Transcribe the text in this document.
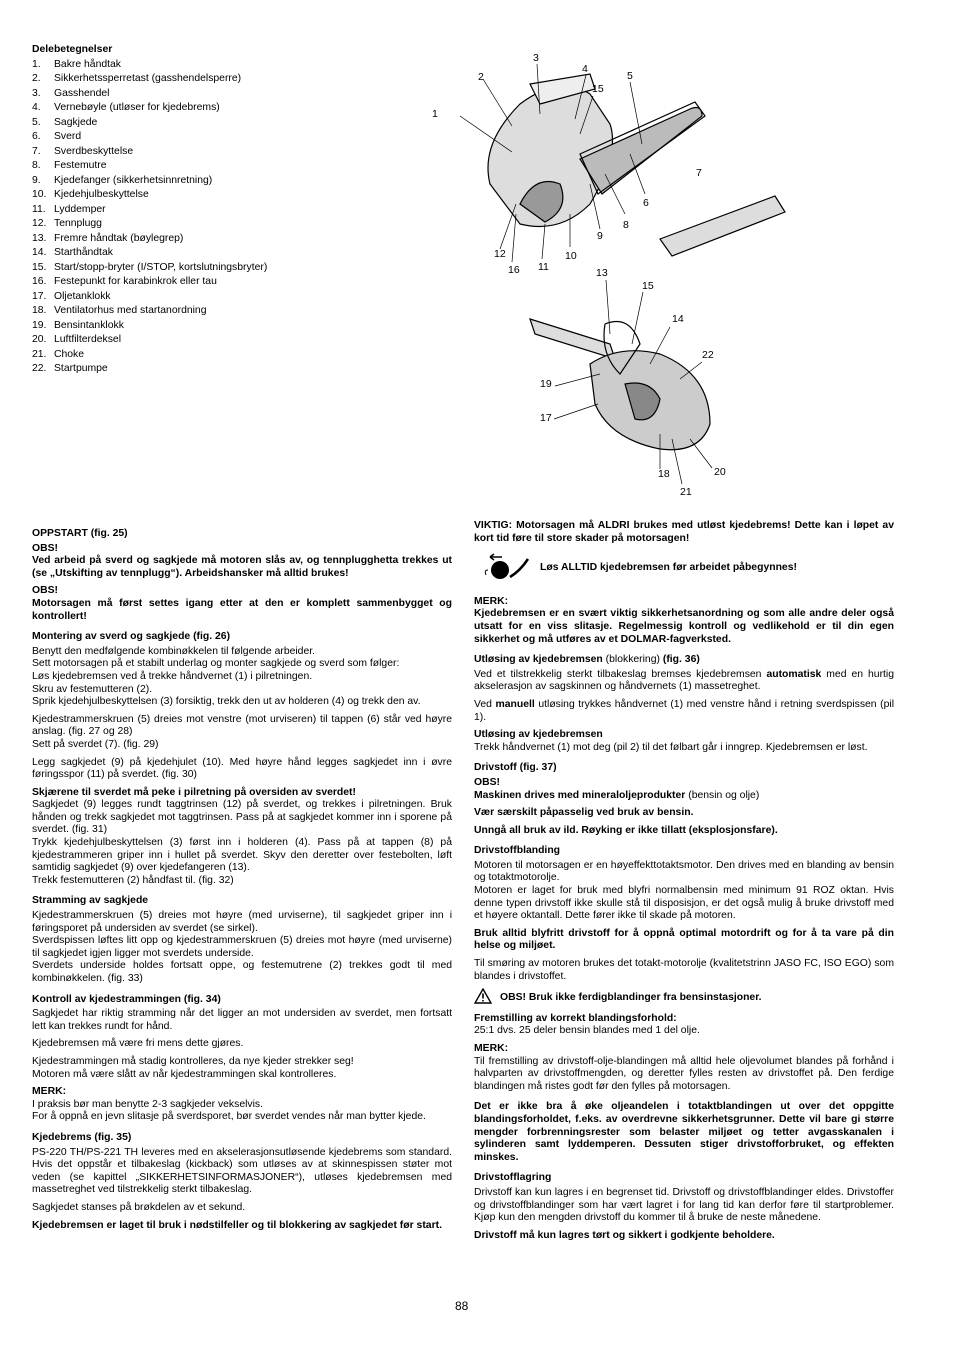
Delebetegnelser
1.	Bakre håndtak
2.	Sikkerhetssperretast (gasshendelsperre)
3.	Gasshendel
4.	Vernebøyle (utløser for kjedebrems)
5.	Sagkjede
6.	Sverd
7.	Sverdbeskyttelse
8.	Festemutre
9.	Kjedefanger (sikkerhetsinnretning)
10. Kjedehjulbeskyttelse
11. Lyddemper
12. Tennplugg
13. Fremre håndtak (bøylegrep)
14. Starthåndtak
15. Start/stopp-bryter (I/STOP, kortslutningsbryter)
16. Festepunkt for karabinkrok eller tau
17. Oljetanklokk
18. Ventilatorhus med startanordning
19. Bensintanklokk
20. Luftfilterdeksel
21. Choke
22. Startpumpe
1
2
3
4
15
5
6
7
8
9
10
11
12
16	13
15
14
22
19
17
18
21
20
OPPSTART (fig. 25)
OBS!

Ved arbeid på sverd og sagkjede må motoren slås av, og tennplugghetta trekkes ut (se „Utskifting av tennplugg“). Arbeidshansker må alltid brukes!

OBS!

Motorsagen må først settes igang etter at den er komplett sammenbygget og kontrollert!

Montering av sverd og sagkjede (fig. 26)

Benytt den medfølgende kombinøkkelen til følgende arbeider.
Sett motorsagen på et stabilt underlag og monter sagkjede og sverd som følger:
Løs kjedebremsen ved å trekke håndvernet (1) i pilretningen.
Skru av festemutteren (2).
Sprik kjedehjulbeskyttelsen (3) forsiktig, trekk den ut av holderen (4) og trekk den av.

Kjedestrammerskruen (5) dreies mot venstre (mot urviseren) til tappen (6) står ved høyre anslag. (fig. 27 og 28)
Sett på sverdet (7). (fig. 29)

Legg sagkjedet (9) på kjedehjulet (10). Med høyre hånd legges sagkjedet inn i øvre føringsspor (11) på sverdet. (fig. 30)

Skjærene til sverdet må peke i pilretning på oversiden av sverdet!

Sagkjedet (9) legges rundt taggtrinsen (12) på sverdet, og trekkes i pilretningen. Bruk hånden og trekk sagkjedet mot taggtrinsen. Pass på at sagkjedet kommer inn i sporene på sverdet. (fig. 31)
Trykk kjedehjulbeskyttelsen (3) først inn i holderen (4). Pass på at tappen (8) på kjedestrammeren griper inn i hullet på sverdet. Skyv den deretter over festebolten, løft samtidig sagkjedet (9) over kjedefangeren (13).
Trekk festemutteren (2) håndfast til. (fig. 32)

Stramming av sagkjede

Kjedestrammerskruen (5) dreies mot høyre (med urviserne), til sagkjedet griper inn i føringsporet på undersiden av sverdet (se sirkel).
Sverdspissen løftes litt opp og kjedestrammerskruen (5) dreies mot høyre (med urviserne) til sagkjedet igjen ligger mot sverdets underside.
Sverdets underside holdes fortsatt oppe, og festemutrene (2) trekkes godt til med kombinøkkelen. (fig. 33)

Kontroll av kjedestrammingen (fig. 34)

Sagkjedet har riktig stramming når det ligger an mot undersiden av sverdet, men fortsatt lett kan trekkes rundt for hånd.

Kjedebremsen må være fri mens dette gjøres.

Kjedestrammingen må stadig kontrolleres, da nye kjeder strekker seg!
Motoren må være slått av når kjedestrammingen skal kontrolleres.

MERK:

I praksis bør man benytte 2-3 sagkjeder vekselvis.
For å oppnå en jevn slitasje på sverdsporet, bør sverdet vendes når man bytter kjede.

Kjedebrems (fig. 35)

PS-220 TH/PS-221 TH leveres med en akselerasjonsutløsende kjedebrems som standard. Hvis det oppstår et tilbakeslag (kickback) som utløses av at skinnespissen støter mot veden (se kapittel „SIKKERHETSINFORMASJONER“), utløses kjedebremsen med massetreghet ved tilstrekkelig sterkt tilbakeslag.

Sagkjedet stanses på brøkdelen av et sekund.

Kjedebremsen er laget til bruk i nødstilfeller og til blokkering av sagkjedet før start.

VIKTIG: Motorsagen må ALDRI brukes med utløst kjedebrems! Dette kan i løpet av kort tid føre til store skader på motorsagen!

Løs ALLTID kjedebremsen før arbeidet påbegynnes!
MERK:

Kjedebremsen er en svært viktig sikkerhetsanordning og som alle andre deler også utsatt for en viss slitasje. Regelmessig kontroll og vedlikehold er til din egen sikkerhet og må utføres av et DOLMAR-fagverksted.

Utløsing av kjedebremsen (blokkering) (fig. 36)

Ved et tilstrekkelig sterkt tilbakeslag bremses kjedebremsen automatisk med en hurtig akselerasjon av sagskinnen og håndvernets (1) massetreghet.

Ved manuell utløsing trykkes håndvernet (1) med venstre hånd i retning sverdspissen (pil 1).

Utløsing av kjedebremsen

Trekk håndvernet (1) mot deg (pil 2) til det følbart går i inngrep. Kjedebremsen er løst.

Drivstoff (fig. 37)
OBS!

Maskinen drives med mineraloljeprodukter (bensin og olje)

Vær særskilt påpasselig ved bruk av bensin.

Unngå all bruk av ild. Røyking er ikke tillatt (eksplosjonsfare).

Drivstoffblanding

Motoren til motorsagen er en høyeffekttotaktsmotor. Den drives med en blanding av bensin og totaktmotorolje.
Motoren er laget for bruk med blyfri normalbensin med minimum 91 ROZ oktan. Hvis denne typen drivstoff ikke skulle stå til disposisjon, er det også mulig å bruke drivstoff med et høyere oktantall. Dette fører ikke til skade på motoren.

Bruk alltid blyfritt drivstoff for å oppnå optimal motordrift og for å ta vare på din helse og miljøet.

Til smøring av motoren brukes det totakt-motorolje (kvalitetstrinn JASO FC, ISO EGO) som blandes i drivstoffet.

OBS! Bruk ikke ferdigblandinger fra bensinstasjoner.
Fremstilling av korrekt blandingsforhold:

25:1 dvs. 25 deler bensin blandes med 1 del olje.

MERK:

Til fremstilling av drivstoff-olje-blandingen må alltid hele oljevolumet blandes på forhånd i halvparten av drivstoffmengden, og deretter fylles resten av drivstoffet på. Den ferdige blandingen må ristes godt før den fylles på motorsagen.

Det er ikke bra å øke oljeandelen i totaktblandingen ut over det oppgitte blandingsforholdet, f.eks. av overdrevne sikkerhetsgrunner. Dette vil bare gi større mengder forbrenningsrester som belaster miljøet og tetter avgasskanalen i sylinderen samt lyddemperen. Dessuten stiger drivstofforbruket, og effekten minskes.

Drivstofflagring

Drivstoff kan kun lagres i en begrenset tid. Drivstoff og drivstoffblandinger eldes. Drivstoffer og drivstoffblandinger som har vært lagret i for lang tid kan derfor føre til startproblemer. Kjøp kun den mengden drivstoff du kommer til å bruke de neste månedene.

Drivstoff må kun lagres tørt og sikkert i godkjente beholdere.

88
